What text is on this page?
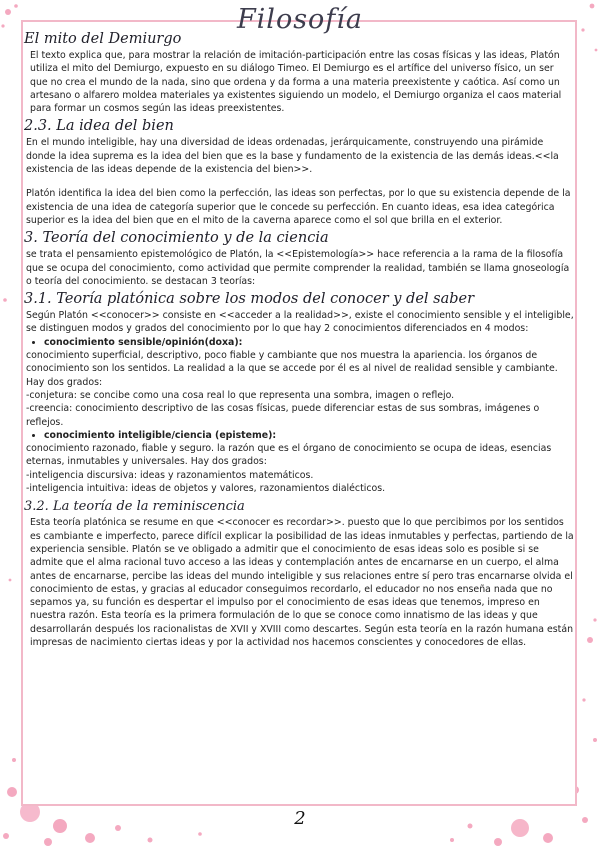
Filosofía
El mito del Demiurgo

El texto explica que, para mostrar la relación de imitación-participación entre las cosas físicas y las ideas, Platón utiliza el mito del Demiurgo, expuesto en su diálogo Timeo. El Demiurgo es el artífice del universo físico, un ser que no crea el mundo de la nada, sino que ordena y da forma a una materia preexistente y caótica. Así como un artesano o alfarero moldea materiales ya existentes siguiendo un modelo, el Demiurgo organiza el caos material para formar un cosmos según las ideas preexistentes.

2.3. La idea del bien

En el mundo inteligible, hay una diversidad de ideas ordenadas, jerárquicamente, construyendo una pirámide donde la idea suprema es la idea del bien que es la base y fundamento de la existencia de las demás ideas.<<la existencia de las ideas depende de la existencia del bien>>.

Platón identifica la idea del bien como la perfección, las ideas son perfectas, por lo que su existencia depende de la existencia de una idea de categoría superior que le concede su perfección. En cuanto ideas, esa idea categórica superior es la idea del bien que en el mito de la caverna aparece como el sol que brilla en el exterior.

3. Teoría del conocimiento y de la ciencia

se trata el pensamiento epistemológico de Platón, la <<Epistemología>> hace referencia a la rama de la filosofía que se ocupa del conocimiento, como actividad que permite comprender la realidad, también se llama gnoseología o teoría del conocimiento. se destacan 3 teorías:

3.1. Teoría platónica sobre los modos del conocer y del saber

Según Platón <<conocer>> consiste en <<acceder a la realidad>>, existe el conocimiento sensible y el inteligible, se distinguen modos y grados del conocimiento por lo que hay 2 conocimientos diferenciados en 4 modos:

• conocimiento sensible/opinión(doxa):

conocimiento superficial, descriptivo, poco fiable y cambiante que nos muestra la apariencia. los órganos de conocimiento son los sentidos. La realidad a la que se accede por él es al nivel de realidad sensible y cambiante. Hay dos grados:

-conjetura: se concibe como una cosa real lo que representa una sombra, imagen o reflejo.

-creencia: conocimiento descriptivo de las cosas físicas, puede diferenciar estas de sus sombras, imágenes o reflejos.

• conocimiento inteligible/ciencia (episteme):

conocimiento razonado, fiable y seguro. la razón que es el órgano de conocimiento se ocupa de ideas, esencias eternas, inmutables y universales. Hay dos grados:

-inteligencia discursiva: ideas y razonamientos matemáticos.

-inteligencia intuitiva: ideas de objetos y valores, razonamientos dialécticos.

3.2. La teoría de la reminiscencia

Esta teoría platónica se resume en que <<conocer es recordar>>. puesto que lo que percibimos por los sentidos es cambiante e imperfecto, parece difícil explicar la posibilidad de las ideas inmutables y perfectas, partiendo de la experiencia sensible. Platón se ve obligado a admitir que el conocimiento de esas ideas solo es posible si se admite que el alma racional tuvo acceso a las ideas y contemplación antes de encarnarse en un cuerpo, el alma antes de encarnarse, percibe las ideas del mundo inteligible y sus relaciones entre sí pero tras encarnarse olvida el conocimiento de estas, y gracias al educador conseguimos recordarlo, el educador no nos enseña nada que no sepamos ya, su función es despertar el impulso por el conocimiento de esas ideas que tenemos, impreso en nuestra razón. Esta teoría es la primera formulación de lo que se conoce como innatismo de las ideas y que desarrollarán después los racionalistas de XVII y XVIII como descartes. Según esta teoría en la razón humana están impresas de nacimiento ciertas ideas y por la actividad nos hacemos conscientes y conocedores de ellas.

2
